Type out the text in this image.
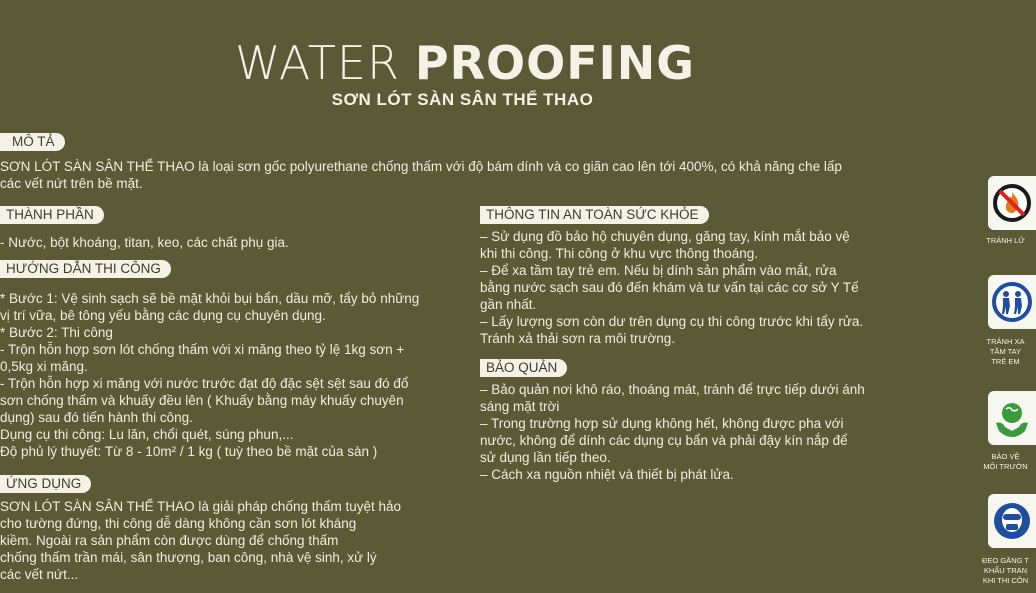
WATER PROOFING
SƠN LÓT SÀN SÂN THỂ THAO
MÔ TẢ

SƠN LÓT SÀN SÂN THỂ THAO là loại sơn gốc polyurethane chống thấm với độ bám dính và co giãn cao lên tới 400%, có khả năng che lấp

các vết nứt trên bề mặt.

THÀNH PHẦN

- Nước, bột khoáng, titan, keo, các chất phụ gia.

HƯỚNG DẪN THI CÔNG

* Bước 1: Vệ sinh sạch sẽ bề mặt khỏi bụi bẩn, dầu mỡ, tẩy bỏ những

vị trí vữa, bê tông yếu bằng các dụng cụ chuyên dụng.

* Bước 2: Thi công

- Trộn hỗn hợp sơn lót chống thấm với xi măng theo tỷ lệ 1kg sơn +

0,5kg xi măng.

- Trộn hỗn hợp xi măng với nước trước đạt độ đặc sệt sệt sau đó đổ

sơn chống thấm và khuấy đều lên ( Khuấy bằng máy khuấy chuyên

dụng) sau đó tiến hành thi công.

Dụng cụ thi công: Lu lăn, chổi quét, súng phun,...

Độ phủ lý thuyết: Từ 8 - 10m² / 1 kg ( tuỳ theo bề mặt của sàn )

ỨNG DỤNG

SƠN LÓT SÀN SÂN THỂ THAO là giải pháp chống thấm tuyệt hảo

cho tường đứng, thi công dễ dàng không cần sơn lót kháng

kiềm. Ngoài ra sản phẩm còn được dùng để chống thấm

chống thấm trần mái, sân thượng, ban công, nhà vệ sinh, xử lý

các vết nứt...

THÔNG TIN AN TOÀN SỨC KHỎE

– Sử dụng đồ bảo hộ chuyên dụng, găng tay, kính mắt bảo vệ

khi thi công. Thi công ở khu vực thông thoáng.

– Để xa tầm tay trẻ em. Nếu bị dính sản phẩm vào mắt, rửa

bằng nước sạch sau đó đến khám và tư vấn tại các cơ sở Y Tế

gần nhất.

– Lấy lượng sơn còn dư trên dụng cụ thi công trước khi tẩy rửa.

Tránh xả thải sơn ra môi trường.

BẢO QUẢN

– Bảo quản nơi khô ráo, thoáng mát, tránh để trực tiếp dưới ánh

sáng mặt trời

– Trong trường hợp sử dụng không hết, không được pha với

nước, không để dính các dụng cụ bẩn và phải đậy kín nắp để

sử dụng lần tiếp theo.

– Cách xa nguồn nhiệt và thiết bị phát lửa.

TRÁNH LỬ
TRÁNH XA
TẦM TAY
TRẺ EM
BẢO VỆ
MÔI TRƯỜN
ĐEO GĂNG T
KHẨU TRAN
KHI THI CÔN
